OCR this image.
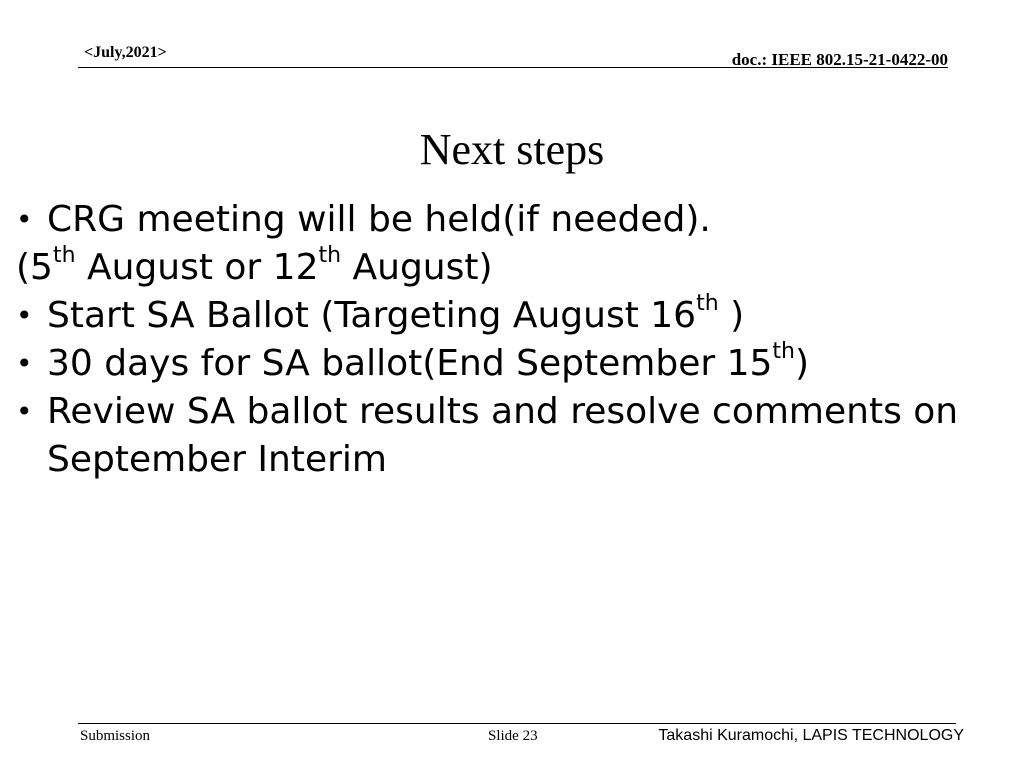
<July,2021>	doc.: IEEE 802.15-21-0422-00
Next steps
• CRG meeting will be held(if needed).
(5th August or 12th August)
• Start SA Ballot (Targeting August 16th )
• 30 days for SA ballot(End September 15th)
• Review SA ballot results and resolve comments on September Interim
Submission	Slide 23	Takashi Kuramochi, LAPIS TECHNOLOGY
